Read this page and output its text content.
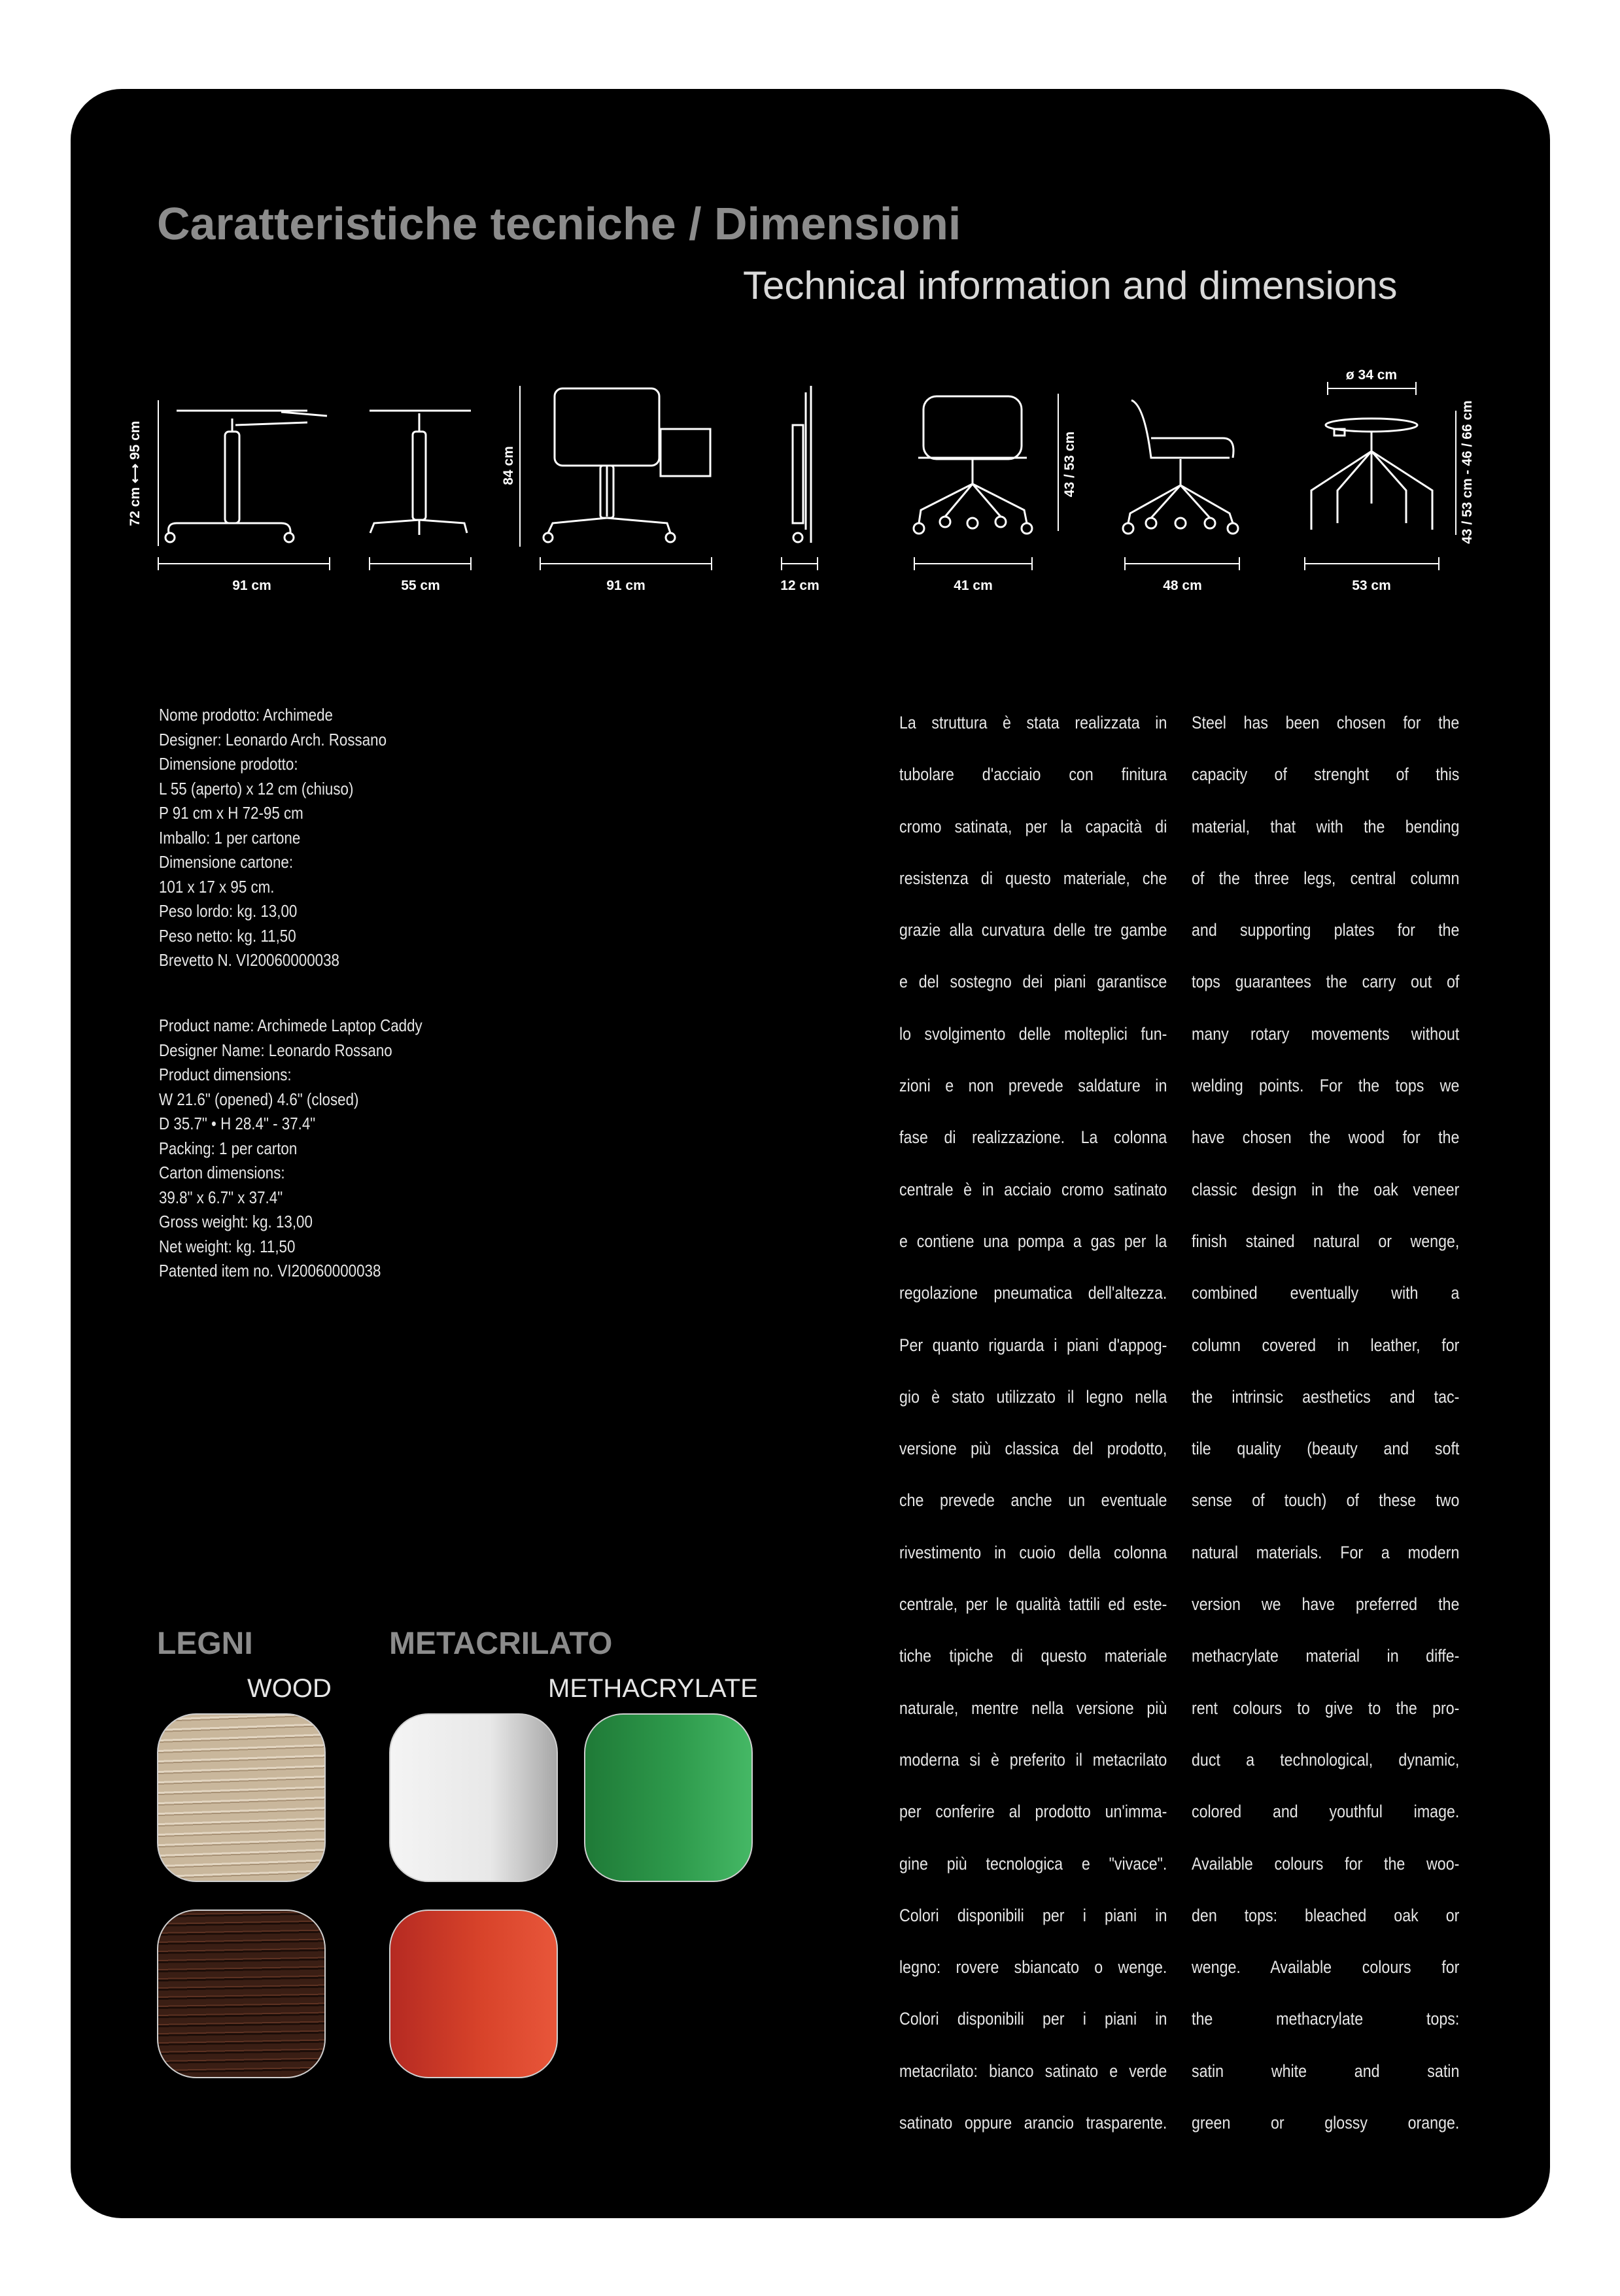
Caratteristiche tecniche / Dimensioni
Technical information and dimensions
91 cm
72 cm ⟷ 95 cm
55 cm	91 cm
84 cm
12 cm	41 cm
43 / 53 cm
48 cm
ø 34 cm
53 cm
43 / 53 cm - 46 / 66 cm
Nome prodotto: Archimede
Designer: Leonardo Arch. Rossano
Dimensione prodotto:
L 55 (aperto) x 12 cm (chiuso)
P 91 cm x H 72-95 cm
Imballo: 1 per cartone
Dimensione cartone:
101 x 17 x 95 cm.
Peso lordo: kg. 13,00
Peso netto: kg. 11,50
Brevetto N. VI20060000038
Product name: Archimede Laptop Caddy
Designer Name: Leonardo Rossano
Product dimensions:
W 21.6" (opened) 4.6" (closed)
D 35.7" • H 28.4" - 37.4"
Packing: 1 per carton
Carton dimensions:
39.8" x 6.7" x 37.4"
Gross weight: kg. 13,00
Net weight: kg. 11,50
Patented item no. VI20060000038
La struttura è stata realizzata in
tubolare d'acciaio con finitura
cromo satinata, per la capacità di
resistenza di questo materiale, che
grazie alla curvatura delle tre gambe
e del sostegno dei piani garantisce
lo svolgimento delle molteplici fun-
zioni e non prevede saldature in
fase di realizzazione. La colonna
centrale è in acciaio cromo satinato
e contiene una pompa a gas per la
regolazione pneumatica dell'altezza.
Per quanto riguarda i piani d'appog-
gio è stato utilizzato il legno nella
versione più classica del prodotto,
che prevede anche un eventuale
rivestimento in cuoio della colonna
centrale, per le qualità tattili ed este-
tiche tipiche di questo materiale
naturale, mentre nella versione più
moderna si è preferito il metacrilato
per conferire al prodotto un'imma-
gine più tecnologica e "vivace".
Colori disponibili per i piani in
legno: rovere sbiancato o wenge.
Colori disponibili per i piani in
metacrilato: bianco satinato e verde
satinato oppure arancio trasparente.
Steel has been chosen for the
capacity of strenght of this
material, that with the bending
of the three legs, central column
and supporting plates for the
tops guarantees the carry out of
many rotary movements without
welding points. For the tops we
have chosen the wood for the
classic design in the oak veneer
finish stained natural or wenge,
combined eventually with a
column covered in leather, for
the intrinsic aesthetics and tac-
tile quality (beauty and soft
sense of touch) of these two
natural materials. For a modern
version we have preferred the
methacrylate material in diffe-
rent colours to give to the pro-
duct a technological, dynamic,
colored and youthful image.
Available colours for the woo-
den tops: bleached oak or
wenge. Available colours for
the methacrylate tops:
satin white and satin
green or glossy orange.
LEGNI
WOOD
METACRILATO
METHACRYLATE
